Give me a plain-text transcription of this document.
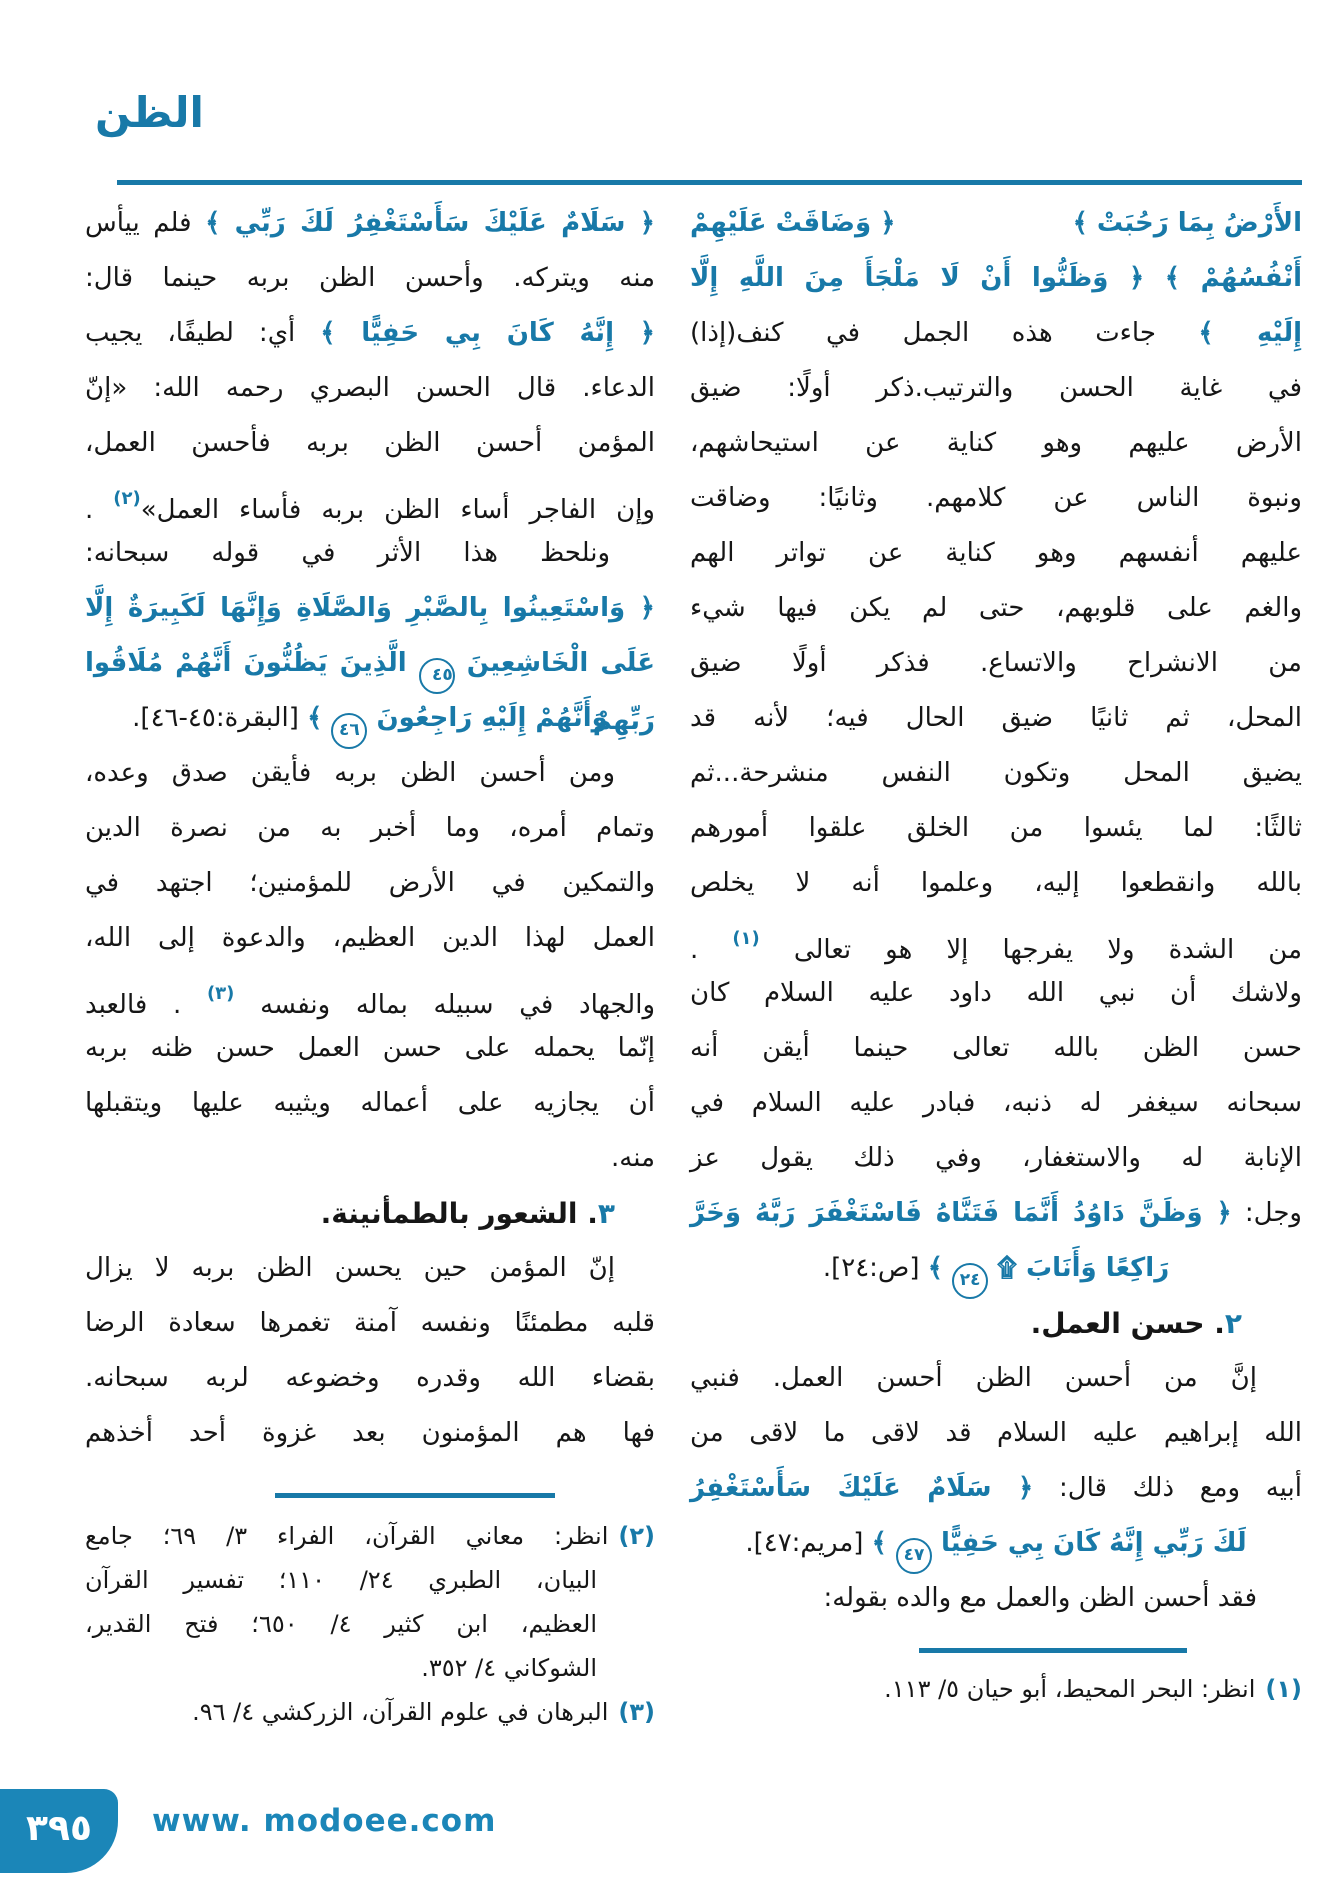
الظن
الأَرْضُ بِمَا رَحُبَتْ ﴾
﴿ وَضَاقَتْ عَلَيْهِمْ
أَنْفُسُهُمْ ﴾ ﴿ وَظَنُّوا أَنْ لَا مَلْجَأَ مِنَ اللَّهِ إِلَّا
إِلَيْهِ ﴾ جاءت هذه الجمل في كنف(إذا)
في غاية الحسن والترتيب.ذكر أولًا: ضيق
الأرض عليهم وهو كناية عن استيحاشهم،
ونبوة الناس عن كلامهم. وثانيًا: وضاقت
عليهم أنفسهم وهو كناية عن تواتر الهم
والغم على قلوبهم، حتى لم يكن فيها شيء
من الانشراح والاتساع. فذكر أولًا ضيق
المحل، ثم ثانيًا ضيق الحال فيه؛ لأنه قد
يضيق المحل وتكون النفس منشرحة...ثم
ثالثًا: لما يئسوا من الخلق علقوا أمورهم
بالله وانقطعوا إليه، وعلموا أنه لا يخلص
من الشدة ولا يفرجها إلا هو تعالى $^{(١)}$ .
ولاشك أن نبي الله داود عليه السلام كان
حسن الظن بالله تعالى حينما أيقن أنه
سبحانه سيغفر له ذنبه، فبادر عليه السلام في
الإنابة له والاستغفار، وفي ذلك يقول عز
وجل: ﴿ وَظَنَّ دَاوُدُ أَنَّمَا فَتَنَّاهُ فَاسْتَغْفَرَ رَبَّهُ وَخَرَّ
رَاكِعًا وَأَنَابَ ۩ ٢٤ ﴾ [ص:٢٤].
٢. حسن العمل.
إنَّ من أحسن الظن أحسن العمل. فنبي
الله إبراهيم عليه السلام قد لاقى ما لاقى من
أبيه ومع ذلك قال: ﴿ سَلَامٌ عَلَيْكَ سَأَسْتَغْفِرُ
لَكَ رَبِّي إِنَّهُ كَانَ بِي حَفِيًّا ٤٧ ﴾ [مريم:٤٧].
فقد أحسن الظن والعمل مع والده بقوله:
(١)انظر: البحر المحيط، أبو حيان ٥/ ١١٣.
﴿ سَلَامٌ عَلَيْكَ سَأَسْتَغْفِرُ لَكَ رَبِّي ﴾ فلم ييأس
منه ويتركه. وأحسن الظن بربه حينما قال:
﴿ إِنَّهُ كَانَ بِي حَفِيًّا ﴾ أي: لطيفًا، يجيب
الدعاء. قال الحسن البصري رحمه الله: «إنّ
المؤمن أحسن الظن بربه فأحسن العمل،
وإن الفاجر أساء الظن بربه فأساء العمل»$^{(٢)}$ .
ونلحظ هذا الأثر في قوله سبحانه:
﴿ وَاسْتَعِينُوا بِالصَّبْرِ وَالصَّلَاةِ وَإِنَّهَا لَكَبِيرَةٌ إِلَّا
عَلَى الْخَاشِعِينَ ٤٥ الَّذِينَ يَظُنُّونَ أَنَّهُمْ مُلَاقُوا رَبِّهِمْ
وَأَنَّهُمْ إِلَيْهِ رَاجِعُونَ ٤٦ ﴾ [البقرة:٤٥-٤٦].
ومن أحسن الظن بربه فأيقن صدق وعده،
وتمام أمره، وما أخبر به من نصرة الدين
والتمكين في الأرض للمؤمنين؛ اجتهد في
العمل لهذا الدين العظيم، والدعوة إلى الله،
والجهاد في سبيله بماله ونفسه $^{(٣)}$ . فالعبد
إنّما يحمله على حسن العمل حسن ظنه بربه
أن يجازيه على أعماله ويثيبه عليها ويتقبلها
منه.
٣. الشعور بالطمأنينة.
إنّ المؤمن حين يحسن الظن بربه لا يزال
قلبه مطمئنًا ونفسه آمنة تغمرها سعادة الرضا
بقضاء الله وقدره وخضوعه لربه سبحانه.
فها هم المؤمنون بعد غزوة أحد أخذهم
(٢)انظر: معاني القرآن، الفراء ٣/ ٦٩؛ جامع
البيان، الطبري ٢٤/ ١١٠؛ تفسير القرآن
العظيم، ابن كثير ٤/ ٦٥٠؛ فتح القدير،
الشوكاني ٤/ ٣٥٢.
(٣)البرهان في علوم القرآن، الزركشي ٤/ ٩٦.
٣٩٥	www. modoee.com
